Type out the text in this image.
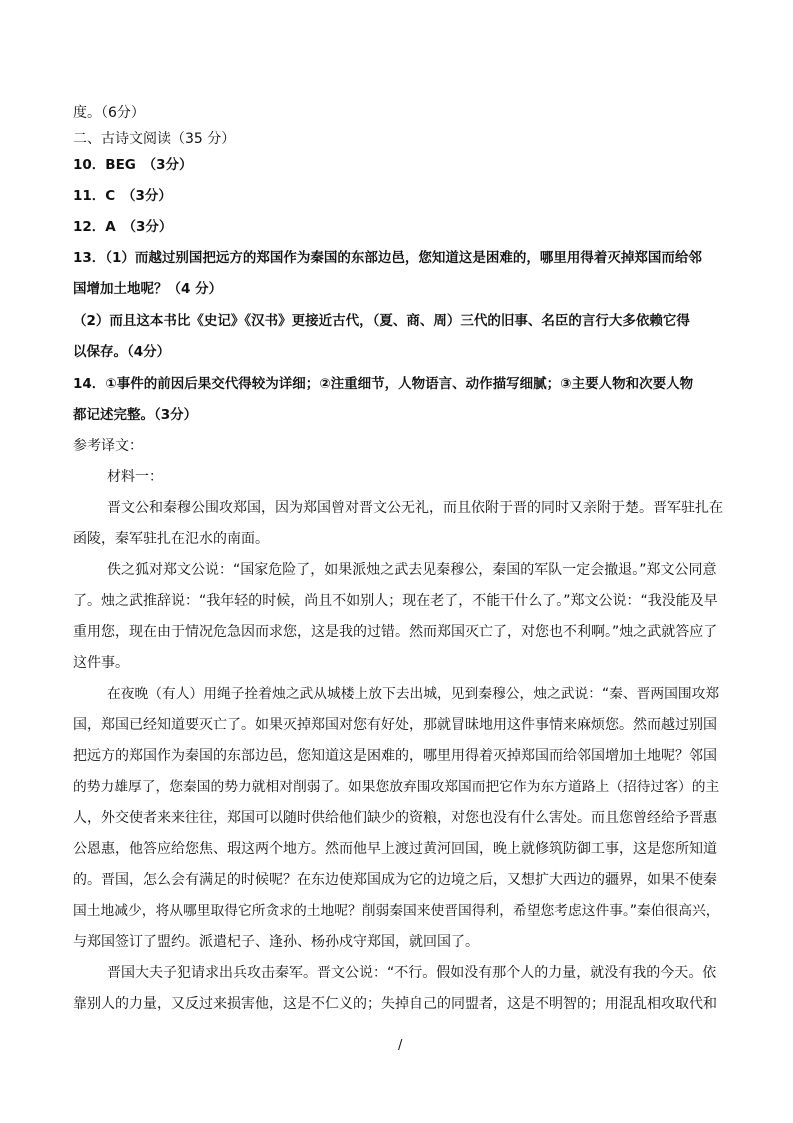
度。（6分）
二、古诗文阅读（35 分）
10．BEG　（3分）
11．C　（3分）
12．A　（3分）
13．（1）而越过别国把远方的郑国作为秦国的东部边邑，您知道这是困难的，哪里用得着灭掉郑国而给邻
国增加土地呢？（4 分）
（2）而且这本书比《史记》《汉书》更接近古代，（夏、商、周）三代的旧事、名臣的言行大多依赖它得
以保存。（4分）
14．①事件的前因后果交代得较为详细；②注重细节，人物语言、动作描写细腻；③主要人物和次要人物
都记述完整。（3分）
参考译文：
材料一：
晋文公和秦穆公围攻郑国，因为郑国曾对晋文公无礼，而且依附于晋的同时又亲附于楚。晋军驻扎在
函陵，秦军驻扎在氾水的南面。
佚之狐对郑文公说：“国家危险了，如果派烛之武去见秦穆公，秦国的军队一定会撤退。”郑文公同意
了。烛之武推辞说：“我年轻的时候，尚且不如别人；现在老了，不能干什么了。”郑文公说：“我没能及早
重用您，现在由于情况危急因而求您，这是我的过错。然而郑国灭亡了，对您也不利啊。”烛之武就答应了
这件事。
在夜晚（有人）用绳子拴着烛之武从城楼上放下去出城，见到秦穆公，烛之武说：“秦、晋两国围攻郑
国，郑国已经知道要灭亡了。如果灭掉郑国对您有好处，那就冒昧地用这件事情来麻烦您。然而越过别国
把远方的郑国作为秦国的东部边邑，您知道这是困难的，哪里用得着灭掉郑国而给邻国增加土地呢？邻国
的势力雄厚了，您秦国的势力就相对削弱了。如果您放弃围攻郑国而把它作为东方道路上（招待过客）的主
人，外交使者来来往往，郑国可以随时供给他们缺少的资粮，对您也没有什么害处。而且您曾经给予晋惠
公恩惠，他答应给您焦、瑕这两个地方。然而他早上渡过黄河回国，晚上就修筑防御工事，这是您所知道
的。晋国，怎么会有满足的时候呢？在东边使郑国成为它的边境之后，又想扩大西边的疆界，如果不使秦
国土地减少，将从哪里取得它所贪求的土地呢？削弱秦国来使晋国得利，希望您考虑这件事。”秦伯很高兴，
与郑国签订了盟约。派遣杞子、逢孙、杨孙戍守郑国，就回国了。
晋国大夫子犯请求出兵攻击秦军。晋文公说：“不行。假如没有那个人的力量，就没有我的今天。依
靠别人的力量，又反过来损害他，这是不仁义的；失掉自己的同盟者，这是不明智的；用混乱相攻取代和
/
